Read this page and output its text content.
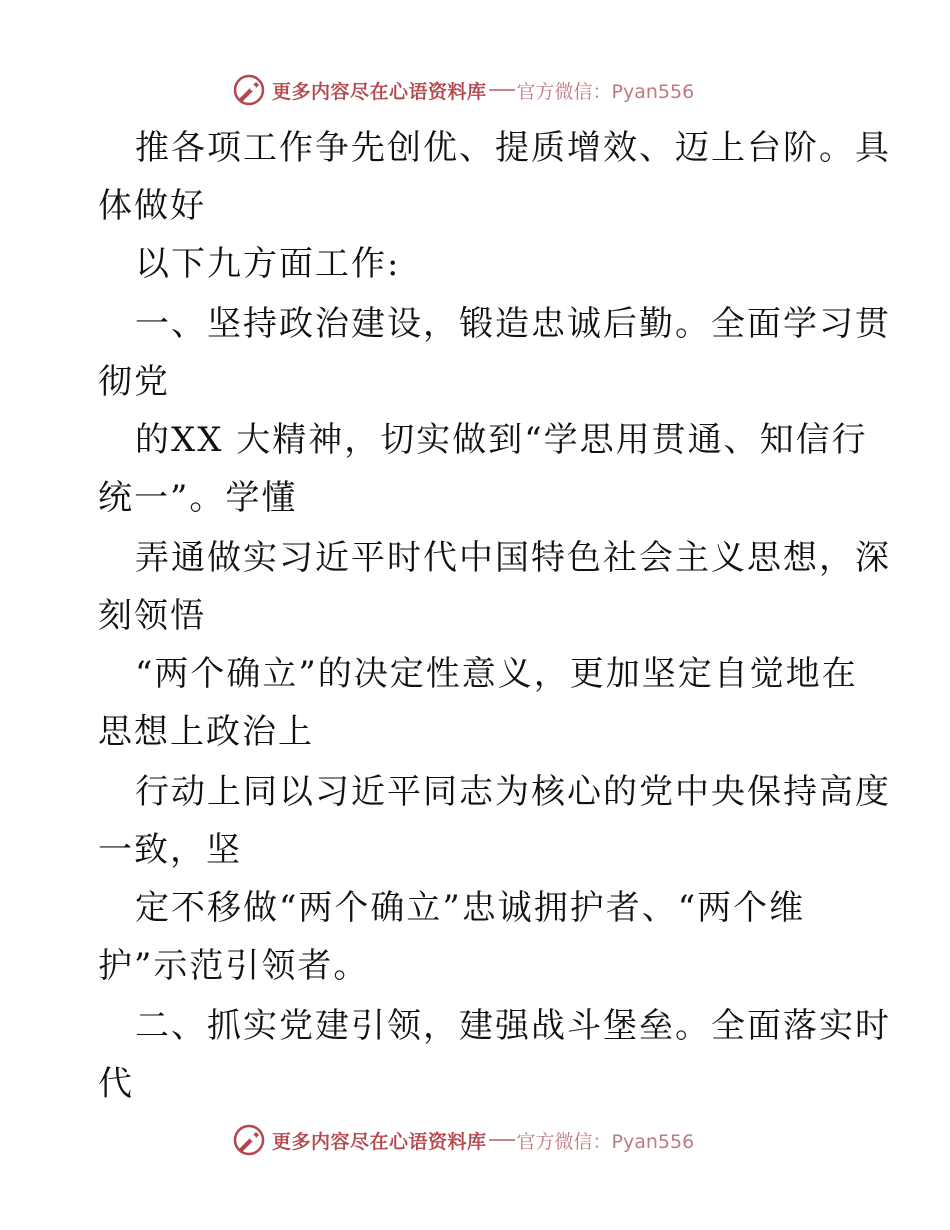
更多内容尽在心语资料库 官方微信：Pyan556
推各项工作争先创优、提质增效、迈上台阶。具
体做好
以下九方面工作:
一、坚持政治建设，锻造忠诚后勤。全面学习贯
彻党
的XX 大精神，切实做到“学思用贯通、知信行
统一”。学懂
弄通做实习近平时代中国特色社会主义思想，深
刻领悟
“两个确立”的决定性意义，更加坚定自觉地在
思想上政治上
行动上同以习近平同志为核心的党中央保持高度
一致，坚
定不移做“两个确立”忠诚拥护者、“两个维
护”示范引领者。
二、抓实党建引领，建强战斗堡垒。全面落实时
代
更多内容尽在心语资料库 官方微信：Pyan556
